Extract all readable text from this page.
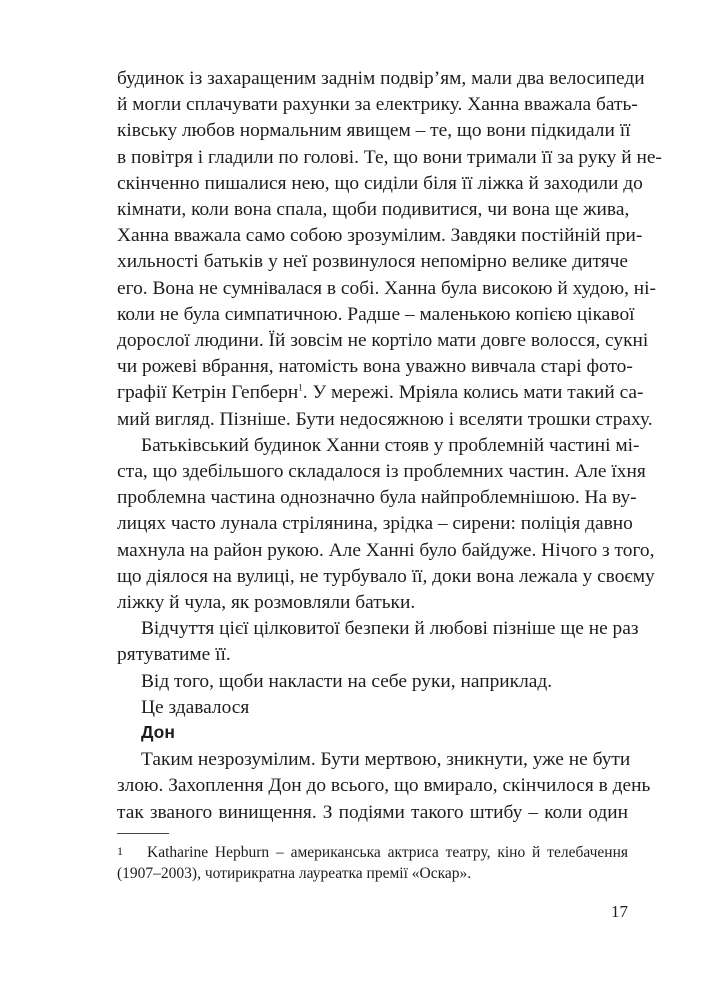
будинок із захаращеним заднім подвір’ям, мали два велосипеди
й могли сплачувати рахунки за електрику. Ханна вважала бать-
ківську любов нормальним явищем – те, що вони підкидали її
в повітря і гладили по голові. Те, що вони тримали її за руку й не-
скінченно пишалися нею, що сиділи біля її ліжка й заходили до
кімнати, коли вона спала, щоби подивитися, чи вона ще жива,
Ханна вважала само собою зрозумілим. Завдяки постійній при-
хильності батьків у неї розвинулося непомірно велике дитяче
его. Вона не сумнівалася в собі. Ханна була високою й худою, ні-
коли не була симпатичною. Радше – маленькою копією цікавої
дорослої людини. Їй зовсім не кортіло мати довге волосся, сукні
чи рожеві вбрання, натомість вона уважно вивчала старі фото-
графії Кетрін Гепберн$^1$. У мережі. Мріяла колись мати такий са-
мий вигляд. Пізніше. Бути недосяжною і вселяти трошки страху.
Батьківський будинок Ханни стояв у проблемній частині мі-
ста, що здебільшого складалося із проблемних частин. Але їхня
проблемна частина однозначно була найпроблемнішою. На ву-
лицях часто лунала стрілянина, зрідка – сирени: поліція давно
махнула на район рукою. Але Ханні було байдуже. Нічого з того,
що діялося на вулиці, не турбувало її, доки вона лежала у своєму
ліжку й чула, як розмовляли батьки.
Відчуття цієї цілковитої безпеки й любові пізніше ще не раз
рятуватиме її.
Від того, щоби накласти на себе руки, наприклад.
Це здавалося
Дон
Таким незрозумілим. Бути мертвою, зникнути, уже не бути
злою. Захоплення Дон до всього, що вмирало, скінчилося в день
так званого винищення. З подіями такого штибу – коли один
1 Katharine Hepburn – американська актриса театру, кіно й телебачення
(1907–2003), чотирикратна лауреатка премії «Оскар».
17
